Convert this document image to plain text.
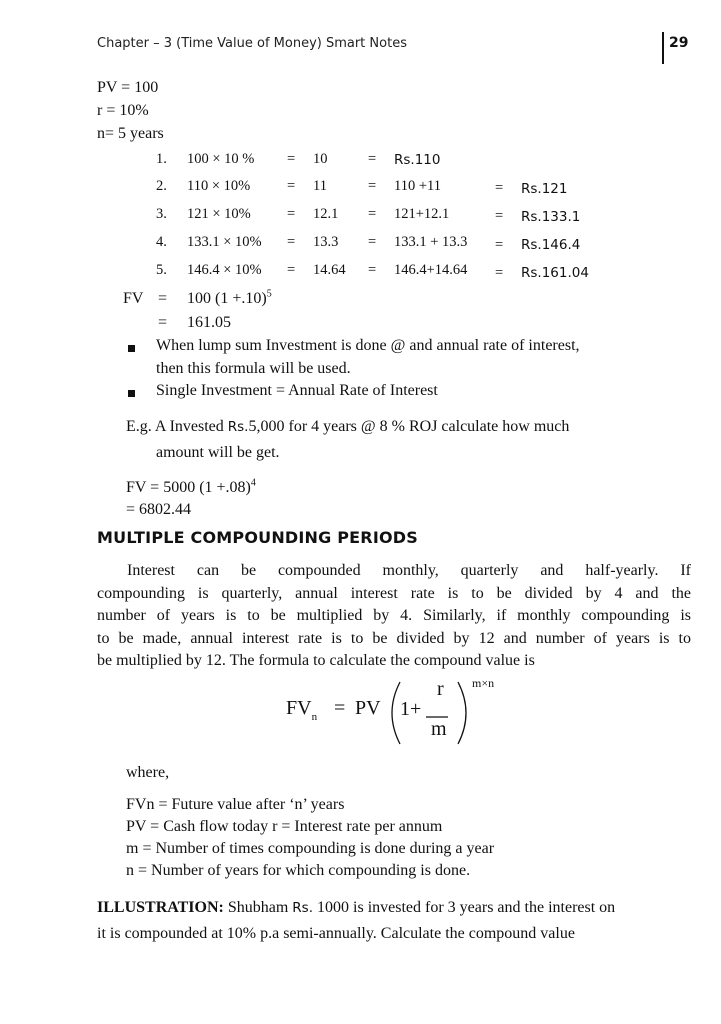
Chapter – 3 (Time Value of Money) Smart Notes	29
PV = 100
r = 10%
n= 5 years
1. 100 × 10 % = 10	= Rs.110
2. 110 × 10%	= 11	= 110 +11	= Rs.121
3. 121 × 10% = 12.1 = 121+12.1	= Rs.133.1
4. 133.1 × 10% = 13.3 = 133.1 + 13.3 = Rs.146.4
5. 146.4 × 10% = 14.64 = 146.4+14.64 = Rs.161.04
FV = 100 $(1 +.10)^5$
= 161.05
When lump sum Investment is done @ and annual rate of interest,
then this formula will be used.
Single Investment = Annual Rate of Interest
E.g. A Invested Rs.5,000 for 4 years @ 8 % ROJ calculate how much
amount will be get.
FV = 5000 $(1 +.08)^4$
= 6802.44
MULTIPLE COMPOUNDING PERIODS
Interest can be compounded monthly, quarterly and half-yearly. If
compounding is quarterly, annual interest rate is to be divided by 4 and the
number of years is to be multiplied by 4. Similarly, if monthly compounding is
to be made, annual interest rate is to be divided by 12 and number of years is to
be multiplied by 12. The formula to calculate the compound value is
$FV_n$ = PV 1+
r
m
m×n
where,
FVn = Future value after ‘n’ years
PV = Cash flow today r = Interest rate per annum
m = Number of times compounding is done during a year
n = Number of years for which compounding is done.
ILLUSTRATION: Shubham Rs. 1000 is invested for 3 years and the interest on
it is compounded at 10% p.a semi-annually. Calculate the compound value
